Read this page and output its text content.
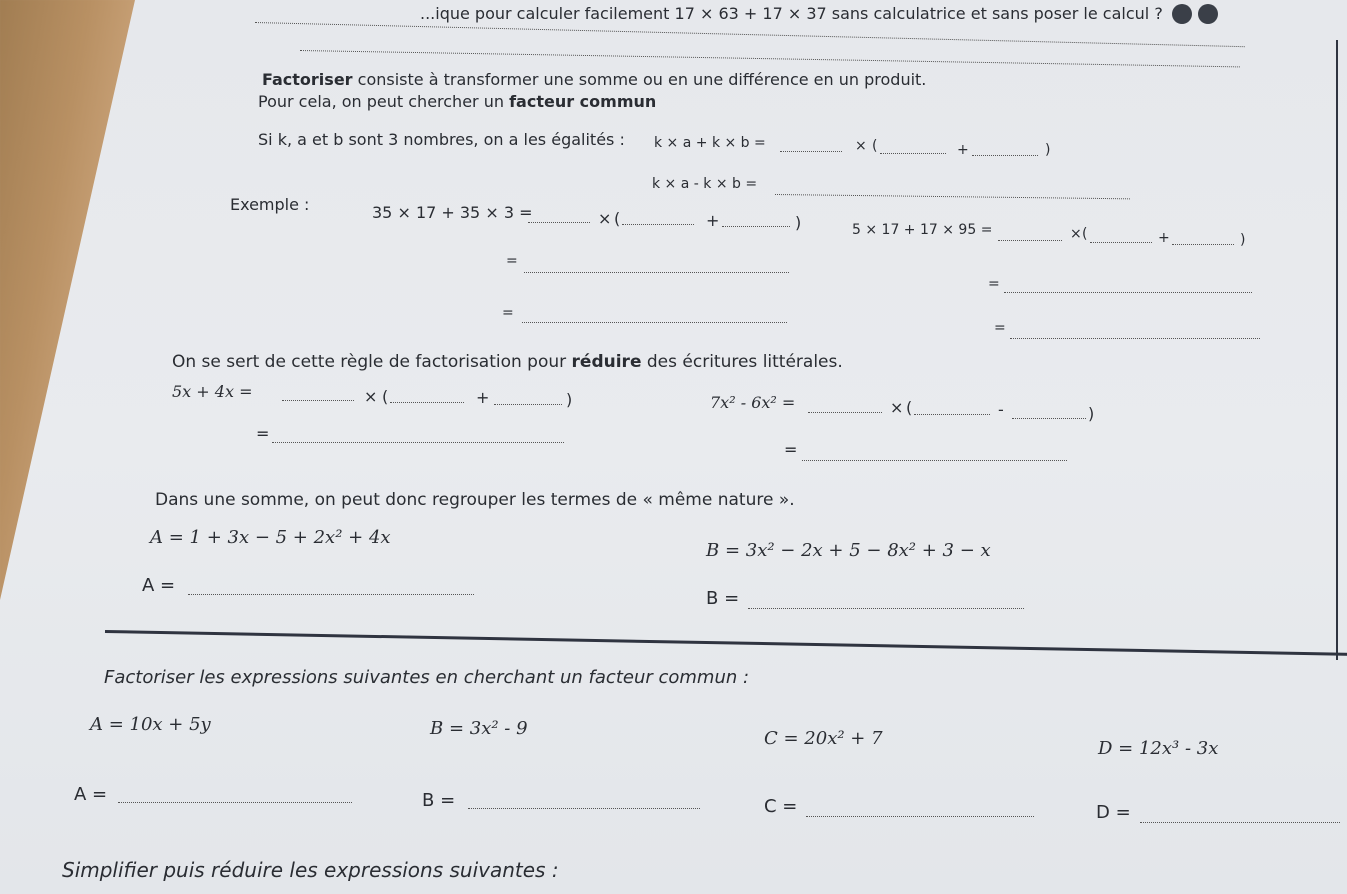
...ique pour calculer facilement 17 × 63 + 17 × 37 sans calculatrice et sans poser le calcul ?
Factoriser consiste à transformer une somme ou en une différence en un produit.
Pour cela, on peut chercher un facteur commun
Si k, a et b sont 3 nombres, on a les égalités : k × a + k × b =	× (	+	)
k × a - k × b =
Exemple :	35 × 17 + 35 × 3 =	× (	+	)	5 × 17 + 17 × 95 =	× (	+	)
=
=
=
=
On se sert de cette règle de factorisation pour réduire des écritures littérales.
5x + 4x =	× (	+	)
=
7x² - 6x² =	× (	-	)
=
Dans une somme, on peut donc regrouper les termes de « même nature ».
A = 1 + 3x − 5 + 2x² + 4x
B = 3x² − 2x + 5 − 8x² + 3 − x
A =
B =
Factoriser les expressions suivantes en cherchant un facteur commun :
A = 10x + 5y	B = 3x² - 9	C = 20x² + 7	D = 12x³ - 3x
A =	B =	C =	D =
Simplifier puis réduire les expressions suivantes :
